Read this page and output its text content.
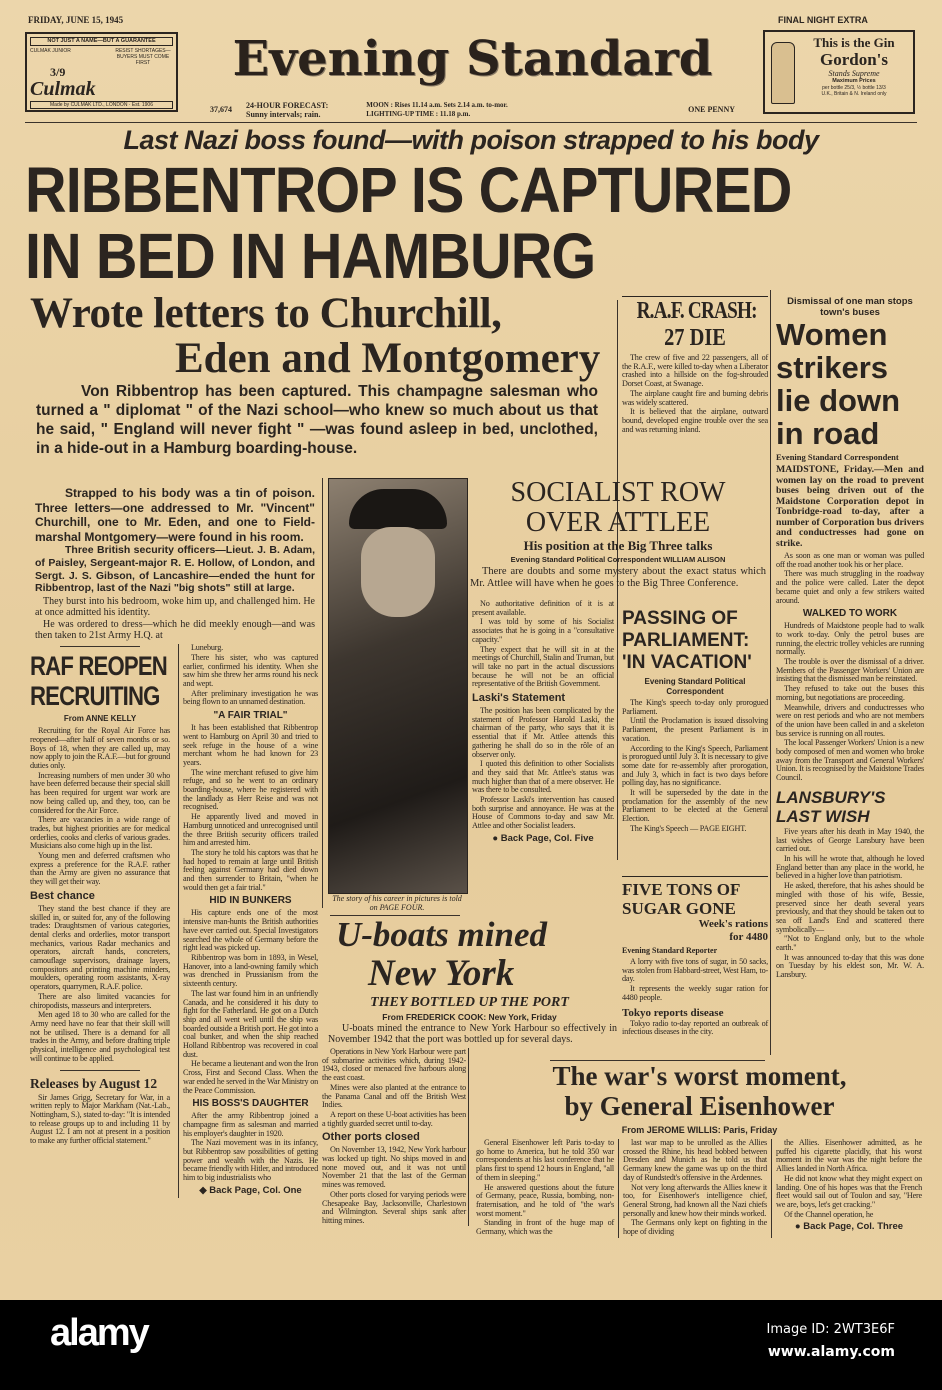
FRIDAY, JUNE 15, 1945	FINAL NIGHT EXTRA
NOT JUST A NAME—BUT A GUARANTEE
CULMAK JUNIOR	RESIST SHORTAGES—BUYERS MUST COME FIRST
3/9
Culmak
Made by CULMAK LTD., LONDON · Est. 1906
Evening Standard
37,674 24-HOUR FORECAST:
Sunny intervals; rain.
MOON : Rises 11.14 a.m. Sets 2.14 a.m. to-mor.
LIGHTING-UP TIME : 11.18 p.m.	ONE PENNY
This is the Gin
Gordon's
Stands Supreme
Maximum Prices
per bottle 25/3, ½ bottle 13/3
U.K., Britain & N. Ireland only
Last Nazi boss found—with poison strapped to his body
RIBBENTROP IS CAPTURED
IN BED IN HAMBURG
Wrote letters to Churchill,
Eden and Montgomery
Von Ribbentrop has been captured. This champagne salesman who turned a " diplomat " of the Nazi school—who knew so much about us that he said, " England will never fight " —was found asleep in bed, unclothed, in a hide-out in a Hamburg boarding-house.

Strapped to his body was a tin of poison. Three letters—one addressed to Mr. "Vincent" Churchill, one to Mr. Eden, and one to Field-marshal Montgomery—were found in his room.

Three British security officers—Lieut. J. B. Adam, of Paisley, Sergeant-major R. E. Hollow, of London, and Sergt. J. S. Gibson, of Lancashire—ended the hunt for Ribbentrop, last of the Nazi "big shots" still at large.

They burst into his bedroom, woke him up, and challenged him. He at once admitted his identity.

He was ordered to dress—which he did meekly enough—and was then taken to 21st Army H.Q. at

RAF REOPEN
RECRUITING
From ANNE KELLY

Recruiting for the Royal Air Force has reopened—after half of seven months or so. Boys of 18, when they are called up, may now apply to join the R.A.F.—but for ground duties only.

Increasing numbers of men under 30 who have been deferred because their special skill has been required for urgent war work are now being called up, and they, too, can be considered for the Air Force.

There are vacancies in a wide range of trades, but highest priorities are for medical orderlies, cooks and clerks of various grades. Musicians also come high up in the list.

Young men and deferred craftsmen who express a preference for the R.A.F. rather than the Army are given no assurance that they will get their way.

Best chance

They stand the best chance if they are skilled in, or suited for, any of the following trades: Draughtsmen of various categories, dental clerks and orderlies, motor transport mechanics, various Radar mechanics and operators, aircraft hands, concreters, camouflage supervisors, drainage layers, compositors and printing machine minders, moulders, operating room assistants, X-ray operators, quarrymen, R.A.F. police.

There are also limited vacancies for chiropodists, masseurs and interpreters.

Men aged 18 to 30 who are called for the Army need have no fear that their skill will not be utilised. There is a demand for all trades in the Army, and before drafting triple physical, intelligence and psychological test will continue to be applied.

Releases by August 12
Sir James Grigg, Secretary for War, in a written reply to Major Markham (Nat.-Lab., Nottingham, S.), stated to-day: "It is intended to release groups up to and including 11 by August 12. I am not at present in a position to make any further official statement."

Luneburg.

There his sister, who was captured earlier, confirmed his identity. When she saw him she threw her arms round his neck and wept.

After preliminary investigation he was being flown to an unnamed destination.

"A FAIR TRIAL"

It has been established that Ribbentrop went to Hamburg on April 30 and tried to seek refuge in the house of a wine merchant whom he had known for 23 years.

The wine merchant refused to give him refuge, and so he went to an ordinary boarding-house, where he registered with the landlady as Herr Reise and was not recognised.

He apparently lived and moved in Hamburg unnoticed and unrecognised until the three British security officers trailed him and arrested him.

The story he told his captors was that he had hoped to remain at large until British feeling against Germany had died down and then surrender to Britain, "when he would then get a fair trial."

HID IN BUNKERS

His capture ends one of the most intensive man-hunts the British authorities have ever carried out. Special Investigators searched the whole of Germany before the right lead was picked up.

Ribbentrop was born in 1893, in Wesel, Hanover, into a land-owning family which was drenched in Prussianism from the sixteenth century.

The last war found him in an unfriendly Canada, and he considered it his duty to fight for the Fatherland. He got on a Dutch ship and all went well until the ship was boarded outside a British port. He got into a coal bunker, and when the ship reached Holland Ribbentrop was recovered in coal dust.

He became a lieutenant and won the Iron Cross, First and Second Class. When the war ended he served in the War Ministry on the Peace Commission.

HIS BOSS'S DAUGHTER

After the army Ribbentrop joined a champagne firm as salesman and married his employer's daughter in 1920.

The Nazi movement was in its infancy, but Ribbentrop saw possibilities of getting power and wealth with the Nazis. He became friendly with Hitler, and introduced him to big industrialists who

◆ Back Page, Col. One

The story of his career in pictures is told on PAGE FOUR.
R.A.F. CRASH:
27 DIE

The crew of five and 22 passengers, all of the R.A.F., were killed to-day when a Liberator crashed into a hillside on the fog-shrouded Dorset Coast, at Swanage.

The airplane caught fire and burning debris was widely scattered.

It is believed that the airplane, outward bound, developed engine trouble over the sea and was returning inland.

SOCIALIST ROW
OVER ATTLEE
His position at the Big Three talks
Evening Standard Political Correspondent WILLIAM ALISON
There are doubts and some mystery about the exact status which Mr. Attlee will have when he goes to the Big Three Conference.

No authoritative definition of it is at present available.

I was told by some of his Socialist associates that he is going in a "consultative capacity."

They expect that he will sit in at the meetings of Churchill, Stalin and Truman, but will take no part in the actual discussions because he will not be an official representative of the British Government.

Laski's Statement

The position has been complicated by the statement of Professor Harold Laski, the chairman of the party, who says that it is essential that if Mr. Attlee attends this gathering he shall do so in the rôle of an observer only.

I quoted this definition to other Socialists and they said that Mr. Attlee's status was much higher than that of a mere observer. He was there to be consulted.

Professor Laski's intervention has caused both surprise and annoyance. He was at the House of Commons to-day and saw Mr. Attlee and other Socialist leaders.

● Back Page, Col. Five

PASSING OF
PARLIAMENT:
'IN VACATION'
Evening Standard Political Correspondent

The King's speech to-day only prorogued Parliament.

Until the Proclamation is issued dissolving Parliament, the present Parliament is in vacation.

According to the King's Speech, Parliament is prorogued until July 3. It is necessary to give some date for re-assembly after prorogation, and July 3, which in fact is two days before polling day, has no significance.

It will be superseded by the date in the proclamation for the assembly of the new Parliament to be elected at the General Election.

The King's Speech — PAGE EIGHT.

FIVE TONS OF
SUGAR GONE
Week's rations
for 4480
Evening Standard Reporter

A lorry with five tons of sugar, in 50 sacks, was stolen from Habbard-street, West Ham, to-day.

It represents the weekly sugar ration for 4480 people.

Tokyo reports disease
Tokyo radio to-day reported an outbreak of infectious diseases in the city.
Dismissal of one man stops town's buses
Women
strikers
lie down
in road
Evening Standard Correspondent
MAIDSTONE, Friday.—Men and women lay on the road to prevent buses being driven out of the Maidstone Corporation depot in Tonbridge-road to-day, after a number of Corporation bus drivers and conductresses had gone on strike.

As soon as one man or woman was pulled off the road another took his or her place.

There was much struggling in the roadway and the police were called. Later the depot became quiet and only a few strikers waited around.

WALKED TO WORK

Hundreds of Maidstone people had to walk to work to-day. Only the petrol buses are running, the electric trolley vehicles are running normally.

The trouble is over the dismissal of a driver. Members of the Passenger Workers' Union are insisting that the dismissed man be reinstated.

They refused to take out the buses this morning, but negotiations are proceeding.

Meanwhile, drivers and conductresses who were on rest periods and who are not members of the union have been called in and a skeleton bus service is running on all routes.

The local Passenger Workers' Union is a new body composed of men and women who broke away from the Transport and General Workers' Union. It is recognised by the Maidstone Trades Council.

LANSBURY'S
LAST WISH

Five years after his death in May 1940, the last wishes of George Lansbury have been carried out.

In his will he wrote that, although he loved England better than any place in the world, he believed in a higher love than patriotism.

He asked, therefore, that his ashes should be mingled with those of his wife, Bessie, preserved since her death several years previously, and that they should be taken out to sea off Land's End and scattered there symbolically—

"Not to England only, but to the whole earth."

It was announced to-day that this was done on Tuesday by his eldest son, Mr. W. A. Lansbury.

U-boats mined
New York
THEY BOTTLED UP THE PORT
From FREDERICK COOK: New York, Friday
U-boats mined the entrance to New York Harbour so effectively in November 1942 that the port was bottled up for several days.

Operations in New York Harbour were part of submarine activities which, during 1942-1943, closed or menaced five harbours along the east coast.

Mines were also planted at the entrance to the Panama Canal and off the British West Indies.

A report on these U-boat activities has been a tightly guarded secret until to-day.

Other ports closed

On November 13, 1942, New York harbour was locked up tight. No ships moved in and none moved out, and it was not until November 21 that the last of the German mines was removed.

Other ports closed for varying periods were Chesapeake Bay, Jacksonville, Charlestown and Wilmington. Several ships sank after hitting mines.

The war's worst moment,
by General Eisenhower
From JEROME WILLIS: Paris, Friday

General Eisenhower left Paris to-day to go home to America, but he told 350 war correspondents at his last conference that he plans first to spend 12 hours in England, "all of them in sleeping."

He answered questions about the future of Germany, peace, Russia, bombing, non-fraternisation, and he told of "the war's worst moment."

Standing in front of the huge map of Germany, which was the

last war map to be unrolled as the Allies crossed the Rhine, his head bobbed between Dresden and Munich as he told us that Germany knew the game was up on the third day of Rundstedt's offensive in the Ardennes.

Not very long afterwards the Allies knew it too, for Eisenhower's intelligence chief, General Strong, had known all the Nazi chiefs personally and knew how their minds worked.

The Germans only kept on fighting in the hope of dividing

the Allies. Eisenhower admitted, as he puffed his cigarette placidly, that his worst moment in the war was the night before the Allies landed in North Africa.

He did not know what they might expect on landing. One of his hopes was that the French fleet would sail out of Toulon and say, "Here we are, boys, let's get cracking."

Of the Channel operation, he

● Back Page, Col. Three

alamy	Image ID: 2WT3E6F
www.alamy.com
